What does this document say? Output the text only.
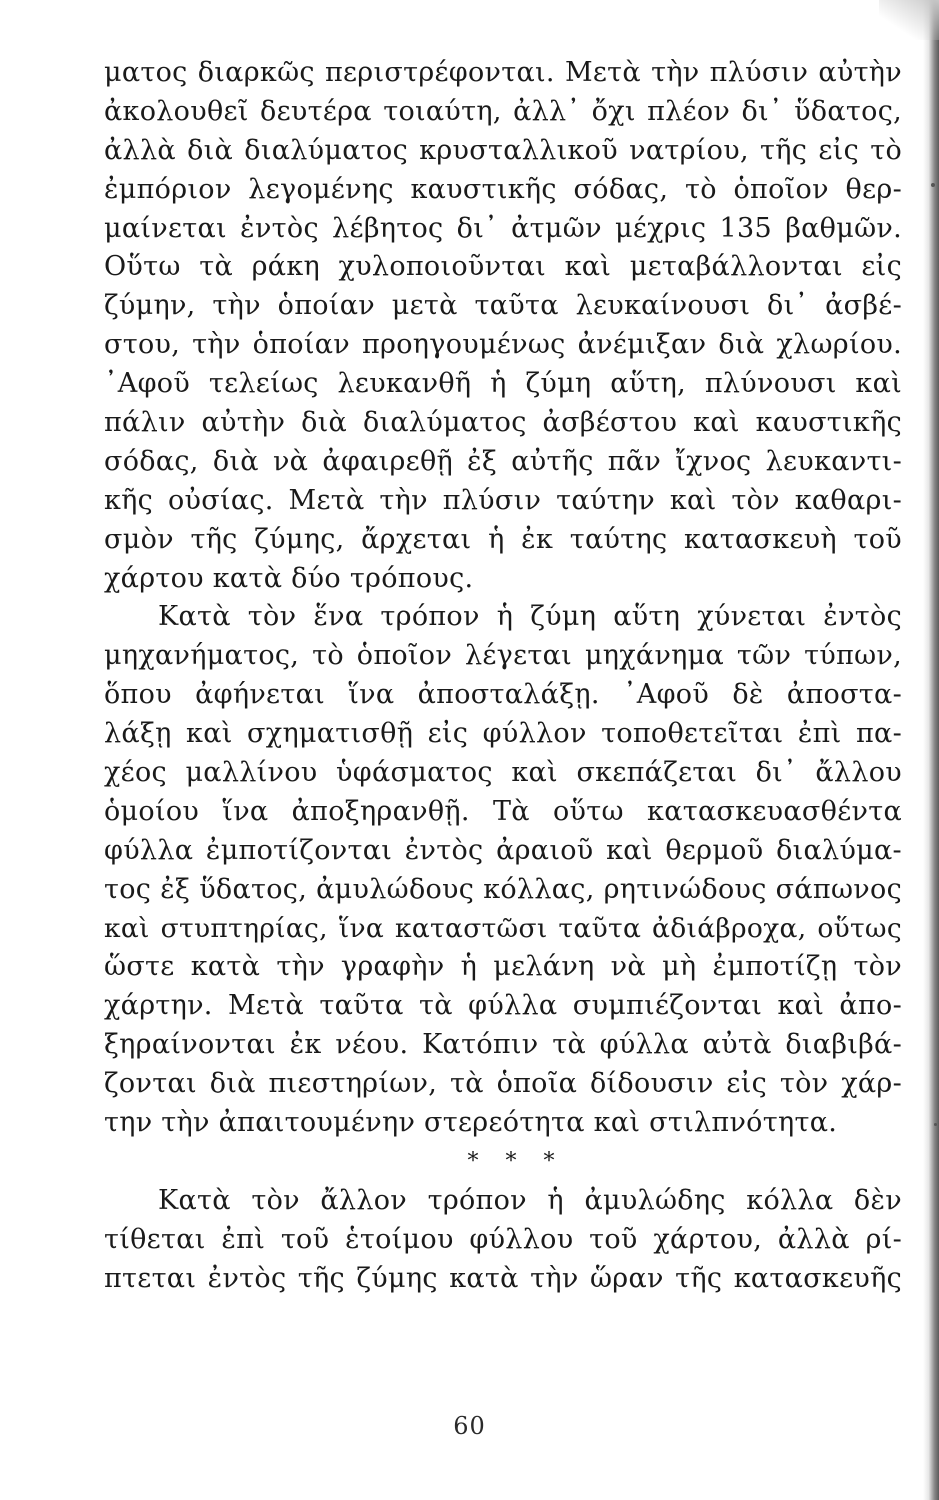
ματος διαρκῶς περιστρέφονται. Μετὰ τὴν πλύσιν αὐτὴν
ἀκολουθεῖ δευτέρα τοιαύτη, ἀλλ᾽ ὄχι πλέον δι᾽ ὕδατος,
ἀλλὰ διὰ διαλύματος κρυσταλλικοῦ νατρίου, τῆς εἰς τὸ
ἐμπόριον λεγομένης καυστικῆς σόδας, τὸ ὁποῖον θερ-
μαίνεται ἐντὸς λέβητος δι᾽ ἀτμῶν μέχρις 135 βαθμῶν.
Οὕτω τὰ ράκη χυλοποιοῦνται καὶ μεταβάλλονται εἰς
ζύμην, τὴν ὁποίαν μετὰ ταῦτα λευκαίνουσι δι᾽ ἀσβέ-
στου, τὴν ὁποίαν προηγουμένως ἀνέμιξαν διὰ χλωρίου.
᾿Αφοῦ τελείως λευκανθῆ ἡ ζύμη αὕτη, πλύνουσι καὶ
πάλιν αὐτὴν διὰ διαλύματος ἀσβέστου καὶ καυστικῆς
σόδας, διὰ νὰ ἀφαιρεθῇ ἐξ αὐτῆς πᾶν ἴχνος λευκαντι-
κῆς οὐσίας. Μετὰ τὴν πλύσιν ταύτην καὶ τὸν καθαρι-
σμὸν τῆς ζύμης, ἄρχεται ἡ ἐκ ταύτης κατασκευὴ τοῦ
χάρτου κατὰ δύο τρόπους.
Κατὰ τὸν ἕνα τρόπον ἡ ζύμη αὕτη χύνεται ἐντὸς
μηχανήματος, τὸ ὁποῖον λέγεται μηχάνημα τῶν τύπων,
ὅπου ἀφήνεται ἵνα ἀποσταλάξῃ. ᾿Αφοῦ δὲ ἀποστα-
λάξῃ καὶ σχηματισθῇ εἰς φύλλον τοποθετεῖται ἐπὶ πα-
χέος μαλλίνου ὑφάσματος καὶ σκεπάζεται δι᾽ ἄλλου
ὁμοίου ἵνα ἀποξηρανθῇ. Τὰ οὕτω κατασκευασθέντα
φύλλα ἐμποτίζονται ἐντὸς ἀραιοῦ καὶ θερμοῦ διαλύμα-
τος ἐξ ὕδατος, ἀμυλώδους κόλλας, ρητινώδους σάπωνος
καὶ στυπτηρίας, ἵνα καταστῶσι ταῦτα ἀδιάβροχα, οὕτως
ὥστε κατὰ τὴν γραφὴν ἡ μελάνη νὰ μὴ ἐμποτίζῃ τὸν
χάρτην. Μετὰ ταῦτα τὰ φύλλα συμπιέζονται καὶ ἀπο-
ξηραίνονται ἐκ νέου. Κατόπιν τὰ φύλλα αὐτὰ διαβιβά-
ζονται διὰ πιεστηρίων, τὰ ὁποῖα δίδουσιν εἰς τὸν χάρ-
την τὴν ἀπαιτουμένην στερεότητα καὶ στιλπνότητα.
* * *
Κατὰ τὸν ἄλλον τρόπον ἡ ἀμυλώδης κόλλα δὲν
τίθεται ἐπὶ τοῦ ἑτοίμου φύλλου τοῦ χάρτου, ἀλλὰ ρί-
πτεται ἐντὸς τῆς ζύμης κατὰ τὴν ὥραν τῆς κατασκευῆς
60
